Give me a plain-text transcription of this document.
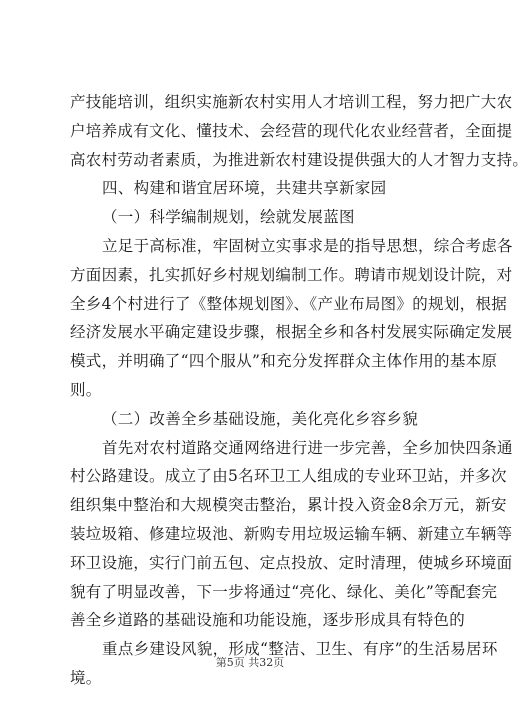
产技能培训，组织实施新农村实用人才培训工程，努力把广大农
户培养成有文化、懂技术、会经营的现代化农业经营者，全面提
高农村劳动者素质，为推进新农村建设提供强大的人才智力支持。
四、构建和谐宜居环境，共建共享新家园
（一）科学编制规划，绘就发展蓝图
立足于高标准，牢固树立实事求是的指导思想，综合考虑各
方面因素，扎实抓好乡村规划编制工作。聘请市规划设计院，对
全乡4个村进行了《整体规划图》、《产业布局图》的规划，根据
经济发展水平确定建设步骤，根据全乡和各村发展实际确定发展
模式，并明确了“四个服从”和充分发挥群众主体作用的基本原
则。
（二）改善全乡基础设施，美化亮化乡容乡貌
首先对农村道路交通网络进行进一步完善，全乡加快四条通
村公路建设。成立了由5名环卫工人组成的专业环卫站，并多次
组织集中整治和大规模突击整治，累计投入资金8余万元，新安
装垃圾箱、修建垃圾池、新购专用垃圾运输车辆、新建立车辆等
环卫设施，实行门前五包、定点投放、定时清理，使城乡环境面
貌有了明显改善，下一步将通过“亮化、绿化、美化”等配套完
善全乡道路的基础设施和功能设施，逐步形成具有特色的
重点乡建设风貌，形成“整洁、卫生、有序”的生活易居环
境。
第5页 共32页
